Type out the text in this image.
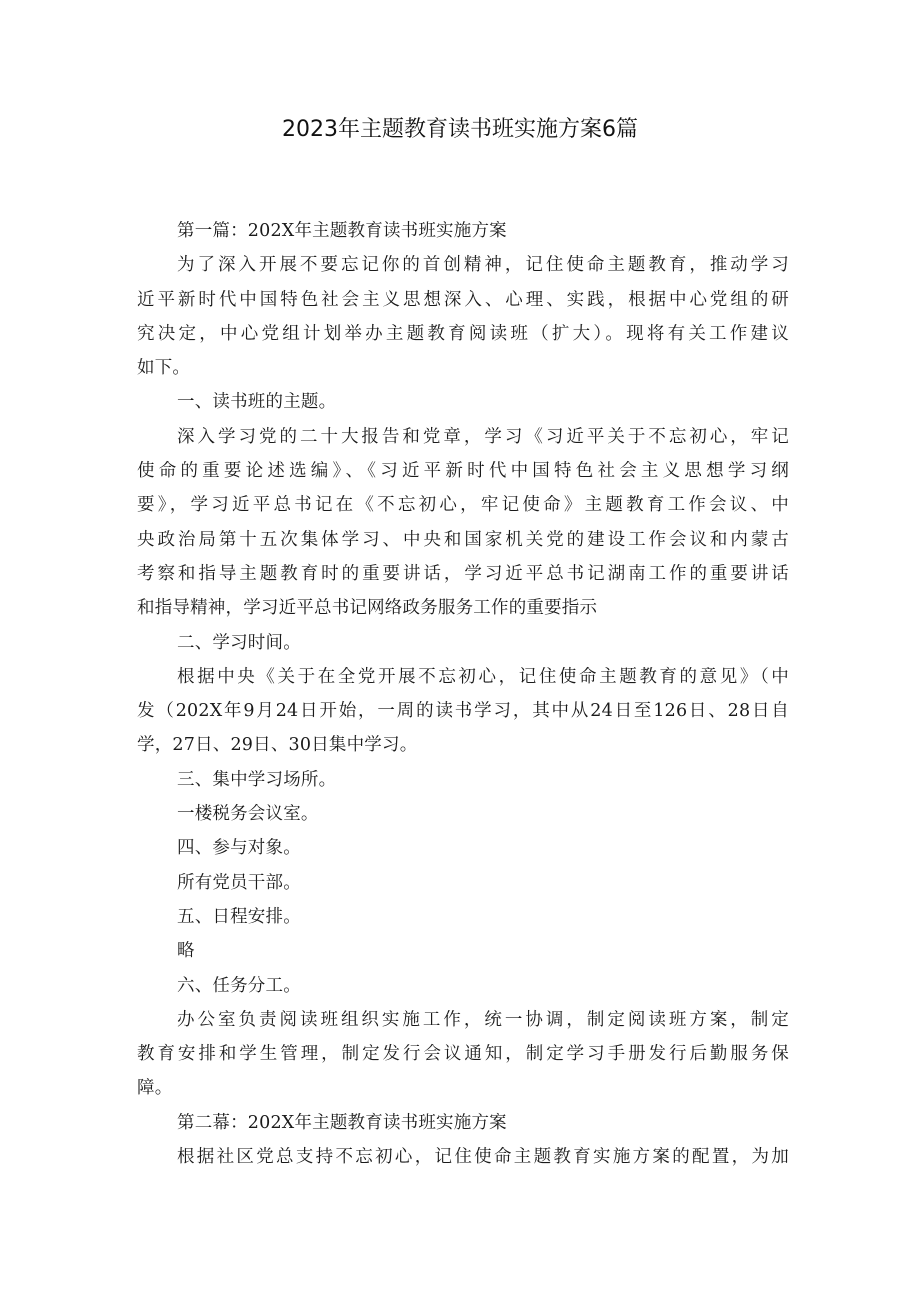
2023年主题教育读书班实施方案6篇
第一篇：202X年主题教育读书班实施方案
为了深入开展不要忘记你的首创精神，记住使命主题教育，推动学习
近平新时代中国特色社会主义思想深入、心理、实践，根据中心党组的研
究决定，中心党组计划举办主题教育阅读班（扩大）。现将有关工作建议
如下。
一、读书班的主题。
深入学习党的二十大报告和党章，学习《习近平关于不忘初心，牢记
使命的重要论述选编》、《习近平新时代中国特色社会主义思想学习纲
要》，学习近平总书记在《不忘初心，牢记使命》主题教育工作会议、中
央政治局第十五次集体学习、中央和国家机关党的建设工作会议和内蒙古
考察和指导主题教育时的重要讲话，学习近平总书记湖南工作的重要讲话
和指导精神，学习近平总书记网络政务服务工作的重要指示
二、学习时间。
根据中央《关于在全党开展不忘初心，记住使命主题教育的意见》（中
发（202X年9月24日开始，一周的读书学习，其中从24日至126日、28日自
学，27日、29日、30日集中学习。
三、集中学习场所。
一楼税务会议室。
四、参与对象。
所有党员干部。
五、日程安排。
略
六、任务分工。
办公室负责阅读班组织实施工作，统一协调，制定阅读班方案，制定
教育安排和学生管理，制定发行会议通知，制定学习手册发行后勤服务保
障。
第二幕：202X年主题教育读书班实施方案
根据社区党总支持不忘初心，记住使命主题教育实施方案的配置，为加
